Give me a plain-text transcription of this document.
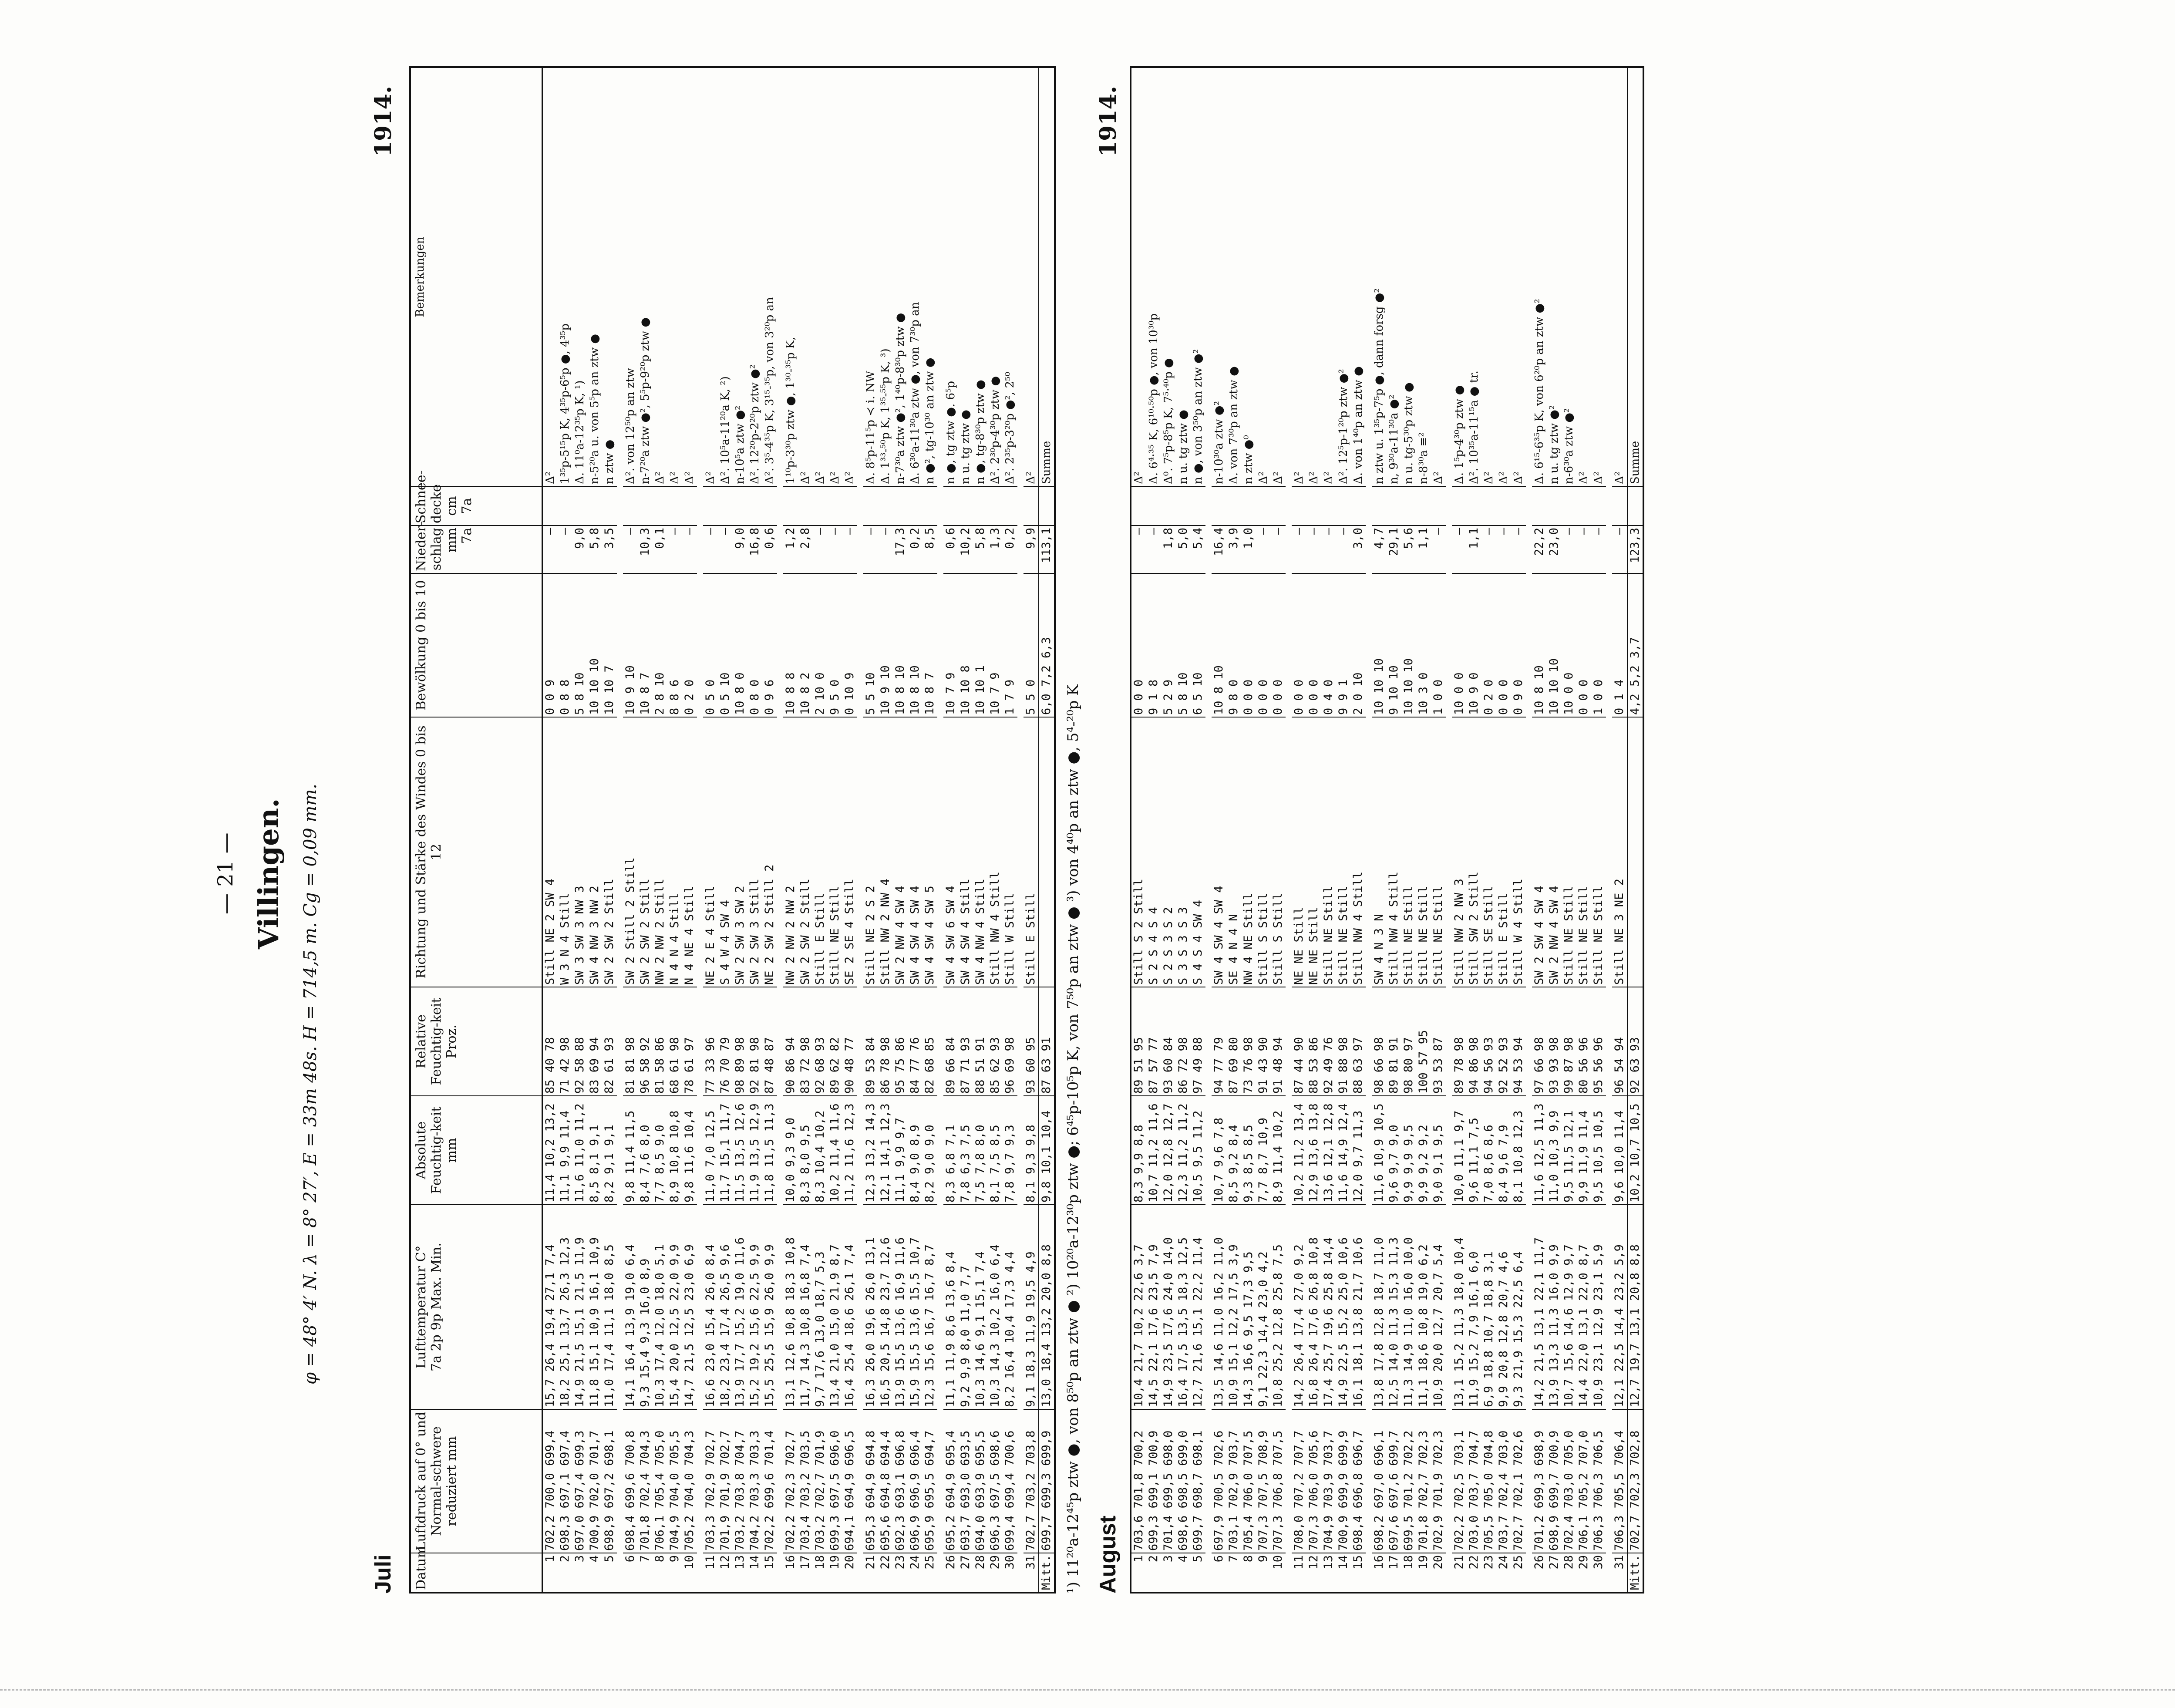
— 21 — Villingen. φ = 48° 4′ N. λ = 8° 27′, E = 33m 48s. H = 714,5 m. Cg = 0,09 mm.
Juli
1914.
Datum
Luftdruck auf 0° und Normal-schwere reduziert mm
Lufttemperatur C° 7a 2p 9p Max. Min.
Absolute Feuchtig-keit mm
Relative Feuchtig-keit Proz.
Richtung und Stärke des Windes 0 bis 12
Bewölkung 0 bis 10
Nieder-schlag mm 7a
Schnee-decke cm 7a
Bemerkungen
1
702,2 700,0 699,4
15,7 26,4 19,4 27,1 7,4
11,4 10,2 13,2
85 40 78
Still NE 2 SW 4
0 0 9
—
Δ²
2
698,3 697,1 697,4
18,2 25,1 13,7 26,3 12,3
11,1 9,9 11,4
71 42 98
W 3 N 4 Still
0 8 8
—
1³⁵p-5¹⁵p K, 4³⁵p-6⁵p ●, 4³⁵p
3
697,0 697,4 699,3
14,9 21,5 15,1 21,5 11,9
11,6 11,0 11,2
92 58 88
SW 3 SW 3 NW 3
5 8 10
9,0
Δ. 11⁰a-12³⁵p K, ¹)
4
700,9 702,0 701,7
11,8 15,1 10,9 16,1 10,9
8,5 8,1 9,1
83 69 94
SW 4 NW 3 NW 2
10 10 10
5,8
n-5²⁰a u. von 5⁵p an ztw ●
5
698,9 697,2 698,1
11,0 17,4 11,1 18,0 8,5
8,2 9,1 9,1
82 61 93
SW 2 SW 2 Still
10 10 7
3,5
n ztw ●
6
698,4 699,6 700,8
14,1 16,4 13,9 19,0 6,4
9,8 11,4 11,5
81 81 98
SW 2 Still 2 Still
10 9 10
—
Δ². von 12⁵⁰p an ztw
7
701,8 702,4 704,3
9,3 15,4 9,3 16,0 8,9
8,4 7,6 8,0
96 58 92
SW 2 SW 2 Still
10 8 7
10,3
n-7²⁰a ztw ●², 5⁵p-9²⁰p ztw ●
8
706,1 705,4 705,0
10,3 17,4 12,0 18,0 5,1
7,7 8,5 9,0
81 58 86
NW 2 NW 2 Still
2 8 10
0,1
Δ²
9
704,9 704,0 705,5
15,4 20,0 12,5 22,0 9,9
8,9 10,8 10,8
68 61 98
N 4 N 4 Still
8 8 6
—
Δ²
10
705,2 704,0 704,3
14,7 21,5 12,5 23,0 6,9
9,8 11,6 10,4
78 61 97
N 4 NE 4 Still
0 2 0
—
Δ²
11
703,3 702,9 702,7
16,6 23,0 15,4 26,0 8,4
11,0 7,0 12,5
77 33 96
NE 2 E 4 Still
0 5 0
—
Δ²
12
701,9 701,9 702,7
18,2 23,4 17,4 26,5 9,6
11,7 15,1 11,7
76 70 79
S 4 W 4 SW 4
0 5 10
—
Δ². 10⁵a-11²⁰a K, ²)
13
703,2 703,8 704,7
13,9 17,7 15,2 19,0 11,6
11,5 13,5 12,6
98 89 98
SW 2 SW 3 SW 2
10 8 0
9,0
n-10⁵a ztw ●²
14
704,2 703,3 703,3
15,2 19,2 15,6 22,5 9,9
11,9 13,5 12,9
92 81 98
SW 2 SW 3 Still
0 8 0
16,8
Δ². 12²⁰p-2²⁰p ztw ●²
15
702,2 699,6 701,4
15,5 25,5 15,9 26,0 9,9
11,8 11,5 11,3
87 48 87
NE 2 SW 2 Still 2
0 9 6
0,6
Δ². 3⁵-4³⁵p K, 3¹⁵-³⁵p, von 3²⁰p an
16
702,2 702,3 702,7
13,1 12,6 10,8 18,3 10,8
10,0 9,3 9,0
90 86 94
NW 2 NW 2 NW 2
10 8 8
1,2
1¹⁰p-3³⁰p ztw ●, 1³⁰-³⁵p K,
17
703,4 703,2 703,5
11,7 14,3 10,8 16,8 7,4
8,3 8,0 9,5
83 72 98
SW 2 SW 2 Still
10 8 2
2,8
Δ²
18
703,2 702,7 701,9
9,7 17,6 13,0 18,7 5,3
8,3 10,4 10,2
92 68 93
Still E Still
2 10 0
—
Δ²
19
699,3 697,5 696,0
13,4 21,0 15,0 21,9 8,7
10,2 11,4 11,6
89 62 82
Still NE Still
9 5 0
—
Δ²
20
694,1 694,9 696,5
16,4 25,4 18,6 26,1 7,4
11,2 11,6 12,3
90 48 77
SE 2 SE 4 Still
0 10 9
—
Δ²
21
695,3 694,9 694,8
16,3 26,0 19,6 26,0 13,1
12,3 13,2 14,3
89 53 84
Still NE 2 S 2
5 5 10
—
Δ. 8⁵p-11⁵p ≺ i. NW
22
695,6 694,8 694,4
16,5 20,5 14,8 23,7 12,6
12,1 14,1 12,3
86 78 98
Still NW 2 NW 4
10 9 10
—
Δ. 1³³-⁵⁰p K, 1³⁵-⁵⁵p K, ³)
23
692,3 693,1 696,8
13,9 15,5 13,6 16,9 11,6
11,1 9,9 9,7
95 75 86
SW 2 NW 4 SW 4
10 8 10
17,3
n-7³⁰a ztw ●², 1⁴⁰p-8³⁰p ztw ●
24
696,9 696,9 696,4
15,9 15,5 13,6 15,5 10,7
8,4 9,0 8,9
84 77 76
SW 4 SW 4 SW 4
10 8 10
0,2
Δ. 6³⁰a-11³⁰a ztw ●, von 7³⁰p an
25
695,9 695,5 694,7
12,3 15,6 16,7 16,7 8,7
8,2 9,0 9,0
82 68 85
SW 4 SW 4 SW 5
10 8 7
8,5
n ●², tg-10³⁰ an ztw ●
26
695,2 694,9 695,4
11,1 11,9 8,6 13,6 8,4
8,3 6,8 7,1
89 66 84
SW 4 SW 6 SW 4
10 7 9
0,6
n ●, tg ztw ●. 6⁵p
27
693,7 693,0 693,5
9,2 9,9 8,0 11,0 7,7
7,8 6,3 7,5
87 71 93
SW 4 SW 4 Still
10 10 8
10,2
n u. tg ztw ●
28
694,0 693,9 695,5
10,3 14,6 9,1 15,1 7,4
7,5 7,8 8,0
88 51 91
SW 4 NW 4 Still
10 10 1
5,8
n ●, tg-8³⁰p ztw ●
29
696,3 697,5 698,6
10,3 14,3 10,2 16,0 6,4
8,1 7,5 8,5
85 62 93
Still NW 4 Still
10 7 9
1,3
Δ². 2³⁰p-4³⁰p ztw ●
30
699,4 699,4 700,6
8,2 16,4 10,4 17,3 4,4
7,8 9,7 9,3
96 69 98
Still W Still
1 7 9
0,2
Δ². 2³⁵p-3²⁰p ●², 2⁵⁰
31
702,7 703,2 703,8
9,1 18,3 11,9 19,5 4,9
8,1 9,3 9,8
93 60 95
Still E Still
5 5 0
9,9
Δ²
Mitt.
699,7 699,3 699,9
13,0 18,4 13,2 20,0 8,8
9,8 10,1 10,4
87 63 91
6,0 7,2 6,3
113,1
Summe
¹) 11²⁰a-12⁴⁵p ztw ●, von 8⁵⁰p an ztw ● ²) 10²⁰a-12³⁰p ztw ●; 6⁴⁵p-10⁵p K, von 7⁵⁰p an ztw ● ³) von 4⁴⁰p an ztw ●, 5⁴-²⁰p K August
1914.
1
703,6 701,8 700,2
10,4 21,7 10,2 22,6 3,7
8,3 9,9 8,8
89 51 95
Still S 2 Still
0 0 0
—
Δ²
2
699,3 699,1 700,9
14,5 22,1 17,6 23,5 7,9
10,7 11,2 11,6
87 57 77
S 2 S 4 S 4
9 1 8
—
Δ. 6⁴·³⁵ K, 6¹⁰·⁵⁰p ●, von 10³⁰p
3
701,4 699,5 698,0
14,9 23,5 17,6 24,0 14,0
12,0 12,8 12,7
93 60 84
S 2 S 3 S 2
5 2 9
1,8
Δ⁰. 7⁵p-8⁵p K, 7⁵·⁴⁰p ●
4
698,6 698,5 699,0
16,4 17,5 13,5 18,3 12,5
12,3 11,2 11,2
86 72 98
S 3 S 3 S 3
5 8 10
5,0
n u. tg ztw ●
5
699,7 698,7 698,1
12,7 21,6 15,1 22,2 11,4
10,5 9,5 11,2
97 49 88
S 4 S 4 SW 4
6 5 10
5,4
n ●, von 3⁵⁰p an ztw ●²
6
697,9 700,5 702,6
13,5 14,6 11,0 16,2 11,0
10,7 9,6 7,8
94 77 79
SW 4 SW 4 SW 4
10 8 10
16,4
n-10³⁰a ztw ●²
7
703,1 702,9 703,7
10,9 15,1 12,2 17,5 3,9
8,5 9,2 8,4
87 69 80
SE 4 N 4 N
9 8 0
3,9
Δ. von 7³⁰p an ztw ●
8
705,4 706,0 707,5
14,3 16,6 9,5 17,3 9,5
9,3 8,5 8,5
73 76 98
NW 4 NE Still
0 0 0
1,0
n ztw ●⁰
9
707,3 707,5 708,9
9,1 22,3 14,4 23,0 4,2
7,7 8,7 10,9
91 43 90
Still S Still
0 0 0
—
Δ²
10
707,3 706,8 707,5
10,8 25,2 12,8 25,8 7,5
8,9 11,4 10,2
91 48 94
Still S Still
0 0 0
—
Δ²
11
708,0 707,2 707,7
14,2 26,4 17,4 27,0 9,2
10,2 11,2 13,4
87 44 90
NE NE Still
0 0 0
—
Δ²
12
707,3 706,0 705,6
16,8 26,4 17,6 26,8 10,8
12,9 13,6 13,8
88 53 86
NE NE Still
0 0 0
—
Δ²
13
704,9 703,9 703,7
17,4 25,7 19,6 25,8 14,4
13,6 12,1 12,8
92 49 76
Still NE Still
0 4 0
—
Δ²
14
700,9 699,9 699,9
14,9 22,5 15,2 25,0 10,6
11,6 14,9 12,4
91 88 98
Still NE Still
9 9 1
—
Δ². 12⁵p-1²⁰p ztw ●²
15
698,4 696,8 696,7
16,1 18,1 13,8 21,7 10,6
12,0 9,7 11,3
88 63 97
Still NW 4 Still
2 0 10
3,0
Δ. von 1⁴⁰p an ztw ●
16
698,2 697,0 696,1
13,8 17,8 12,8 18,7 11,0
11,6 10,9 10,5
98 66 98
SW 4 N 3 N
10 10 10
4,7
n ztw u. 1³⁵p-7⁵p ●, dann forsg ●²
17
697,6 697,6 699,7
12,5 14,0 11,3 15,3 11,3
9,6 9,7 9,0
89 81 91
Still NW 4 Still
9 10 10
29,1
n, 9³⁰a-11³⁰a ●²
18
699,5 701,2 702,2
11,3 14,9 11,0 16,0 10,0
9,9 9,9 9,5
98 80 97
Still NE Still
10 10 10
5,6
n u. tg-5³⁰p ztw ●
19
701,8 702,7 702,3
11,1 18,6 10,8 19,0 6,2
9,9 9,2 9,2
100 57 95
Still NE Still
10 3 0
1,1
n-8³⁰a ≡²
20
702,9 701,9 702,3
10,9 20,0 12,7 20,7 5,4
9,0 9,1 9,5
93 53 87
Still NE Still
1 0 0
—
Δ²
21
702,2 702,5 703,1
13,1 15,2 11,3 18,0 10,4
10,0 11,1 9,7
89 78 98
Still NW 2 NW 3
10 0 0
—
Δ. 1⁵p-4³⁰p ztw ●
22
703,0 703,7 704,7
11,9 15,2 7,9 16,1 6,0
9,6 11,1 7,5
94 86 98
Still SW 2 Still
10 9 0
1,1
Δ². 10³⁵a-11¹⁵a ● tr.
23
705,5 705,0 704,8
6,9 18,8 10,7 18,8 3,1
7,0 8,6 8,6
94 56 93
Still SE Still
0 2 0
—
Δ²
24
703,7 702,4 703,0
9,9 20,8 12,8 20,7 4,6
8,4 9,6 7,9
92 52 93
Still E Still
0 0 0
—
Δ²
25
702,7 702,1 702,6
9,3 21,9 15,3 22,5 6,4
8,1 10,8 12,3
94 53 94
Still W 4 Still
0 9 0
—
Δ²
26
701,2 699,3 698,9
14,2 21,5 13,1 22,1 11,7
11,6 12,5 11,3
97 66 98
SW 2 SW 4 SW 4
10 8 10
22,2
Δ. 6¹⁵-6³⁵p K, von 6²⁰p an ztw ●²
27
698,9 699,7 700,9
13,9 13,3 11,3 16,0 9,9
11,0 10,3 9,9
93 93 98
SW 2 NW 4 SW 4
10 10 10
23,0
n u. tg ztw ●²
28
702,4 703,0 705,0
10,7 15,6 14,6 12,9 9,7
9,5 11,5 12,1
99 87 98
Still NE Still
10 0 0
—
n-6³⁰a ztw ●²
29
706,1 705,2 707,0
14,4 22,0 13,1 22,0 8,7
9,9 11,9 11,4
80 56 96
Still NE Still
0 0 0
—
Δ²
30
706,3 706,3 706,5
10,9 23,1 12,9 23,1 5,9
9,5 10,5 10,5
95 56 96
Still NE Still
1 0 0
—
Δ²
31
706,3 705,5 706,4
12,1 22,5 14,4 23,2 5,9
9,6 10,0 11,4
96 54 94
Still NE 3 NE 2
0 1 4
—
Δ²
Mitt.
702,7 702,3 702,8
12,7 19,7 13,1 20,8 8,8
10,2 10,7 10,5
92 63 93
4,2 5,2 3,7
123,3
Summe
